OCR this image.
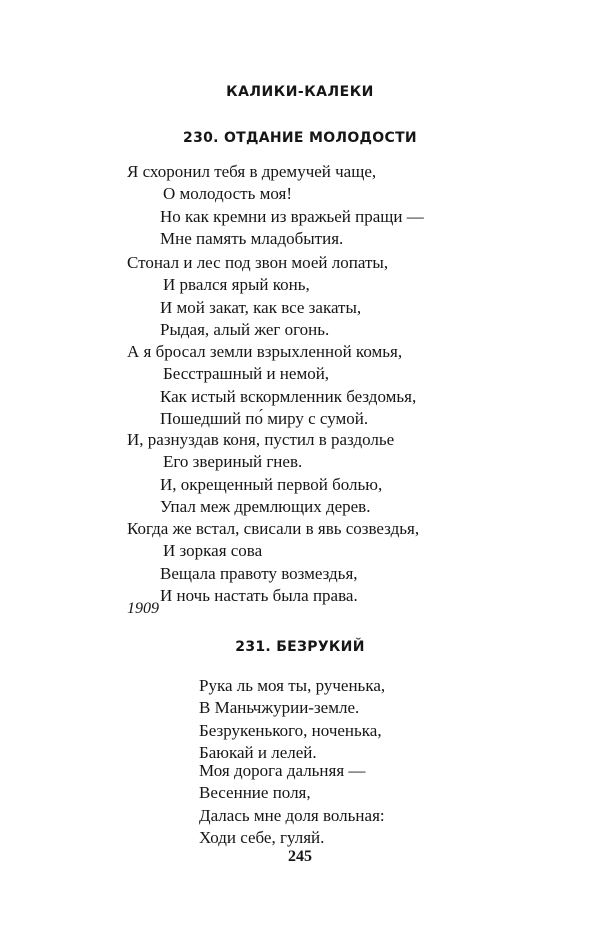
КАЛИКИ-КАЛЕКИ
230. ОТДАНИЕ МОЛОДОСТИ
Я схоронил тебя в дремучей чаще,
О молодость моя!
Но как кремни из вражьей пращи —
Мне память младобытия.
Стонал и лес под звон моей лопаты,
И рвался ярый конь,
И мой закат, как все закаты,
Рыдая, алый жег огонь.
А я бросал земли взрыхленной комья,
Бесстрашный и немой,
Как истый вскормленник бездомья,
Пошедший по́ миру с сумой.
И, разнуздав коня, пустил в раздолье
Его звериный гнев.
И, окрещенный первой болью,
Упал меж дремлющих дерев.
Когда же встал, свисали в явь созвездья,
И зоркая сова
Вещала правоту возмездья,
И ночь настать была права.
1909
231. БЕЗРУКИЙ
Рука ль моя ты, рученька,
В Маньчжурии-земле.
Безрукенького, ноченька,
Баюкай и лелей.
Моя дорога дальняя —
Весенние поля,
Далась мне доля вольная:
Ходи себе, гуляй.
245
